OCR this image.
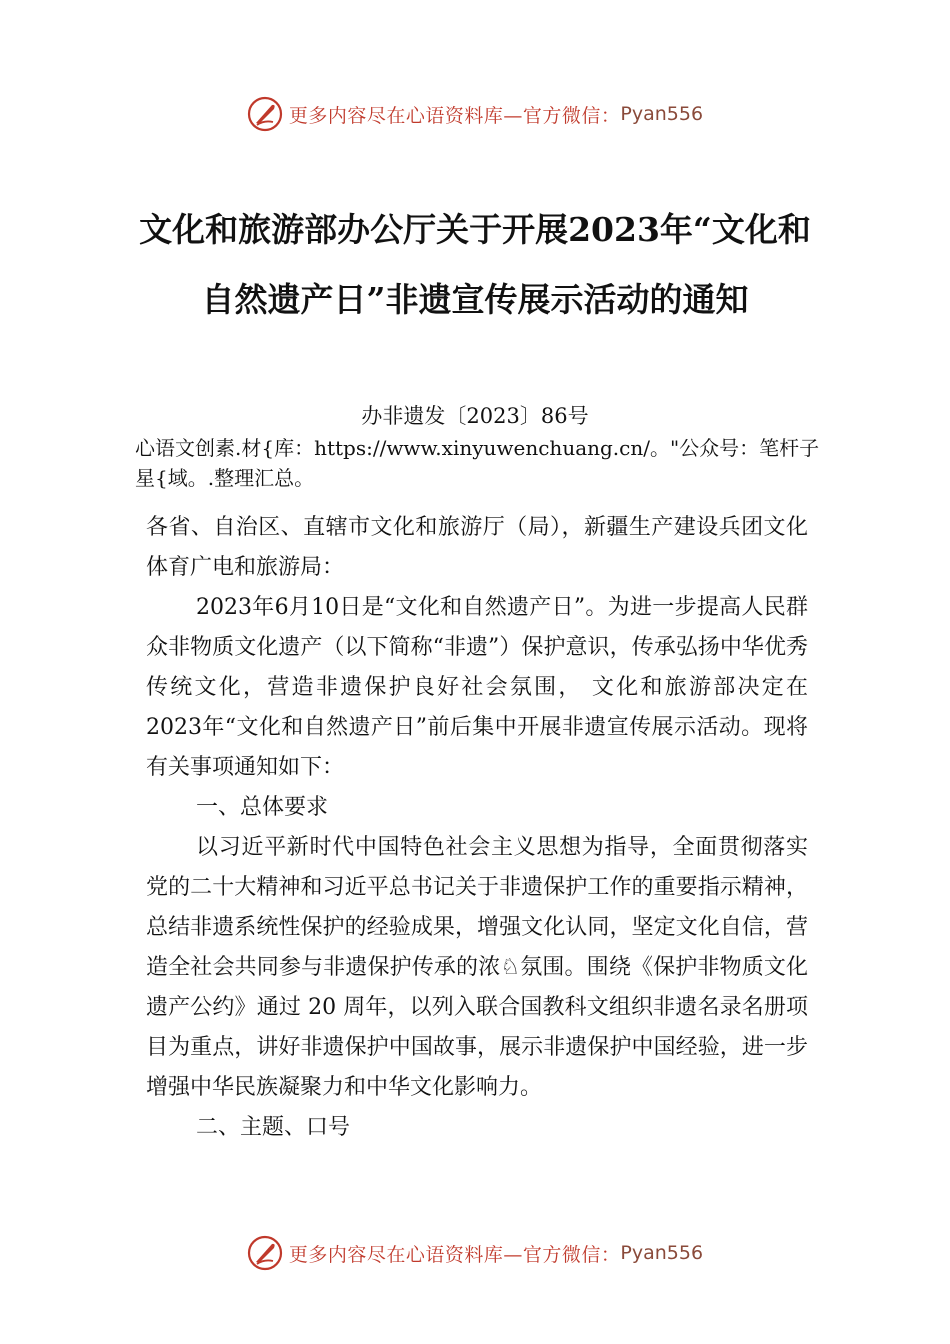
更多内容尽在心语资料库—官方微信： Pyan556
文化和旅游部办公厅关于开展2023年“文化和自然遗产日”非遗宣传展示活动的通知
办非遗发〔2023〕86号
心语文创素.材{库：https://www.xinyuwenchuang.cn/。"公众号：笔杆子星{域。.整理汇总。

各省、自治区、直辖市文化和旅游厅（局），新疆生产建设兵团文化体育广电和旅游局：

2023年6月10日是“文化和自然遗产日”。为进一步提高人民群众非物质文化遗产（以下简称“非遗”）保护意识，传承弘扬中华优秀传统文化，营造非遗保护良好社会氛围， 文化和旅游部决定在 2023年“文化和自然遗产日”前后集中开展非遗宣传展示活动。现将有关事项通知如下：

一、总体要求

以习近平新时代中国特色社会主义思想为指导，全面贯彻落实党的二十大精神和习近平总书记关于非遗保护工作的重要指示精神，总结非遗系统性保护的经验成果，增强文化认同，坚定文化自信，营造全社会共同参与非遗保护传承的浓♘氛围。围绕《保护非物质文化遗产公约》通过 20 周年，以列入联合国教科文组织非遗名录名册项目为重点，讲好非遗保护中国故事，展示非遗保护中国经验，进一步增强中华民族凝聚力和中华文化影响力。

二、主题、口号

更多内容尽在心语资料库—官方微信： Pyan556
